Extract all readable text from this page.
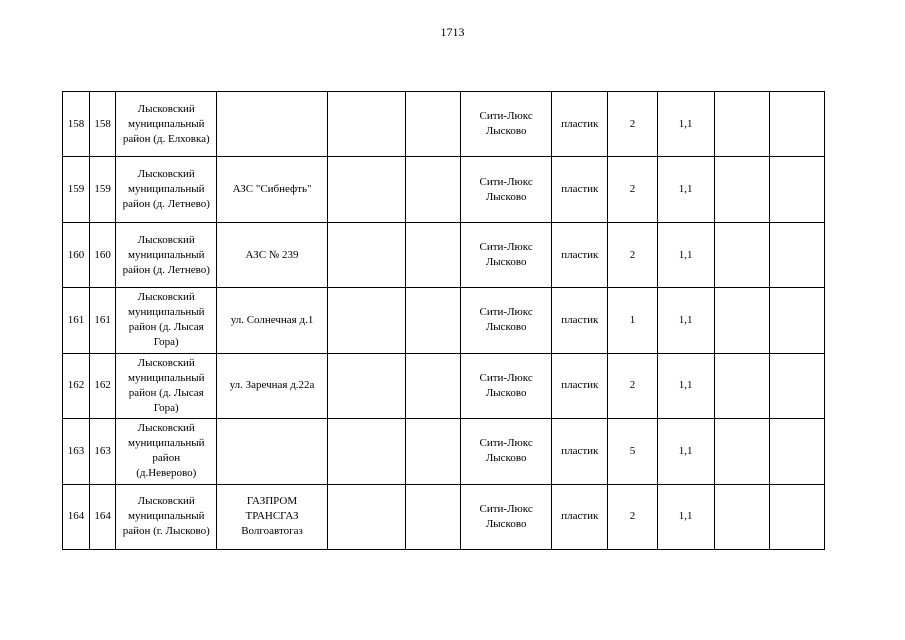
1713
158	158	Лысковский
муниципальный
район (д. Елховка)				Сити-Люкс
Лысково	пластик	2	1,1		
159	159	Лысковский
муниципальный
район (д. Летнево)	АЗС "Сибнефть"			Сити-Люкс
Лысково	пластик	2	1,1		
160	160	Лысковский
муниципальный
район (д. Летнево)	АЗС № 239			Сити-Люкс
Лысково	пластик	2	1,1		
161	161	Лысковский
муниципальный
район (д. Лысая
Гора)	ул. Солнечная д.1			Сити-Люкс
Лысково	пластик	1	1,1		
162	162	Лысковский
муниципальный
район (д. Лысая
Гора)	ул. Заречная д.22а			Сити-Люкс
Лысково	пластик	2	1,1		
163	163	Лысковский
муниципальный
район
(д.Неверово)				Сити-Люкс
Лысково	пластик	5	1,1		
164	164	Лысковский
муниципальный
район (г. Лысково)	ГАЗПРОМ
ТРАНСГАЗ
Волгоавтогаз			Сити-Люкс
Лысково	пластик	2	1,1		
